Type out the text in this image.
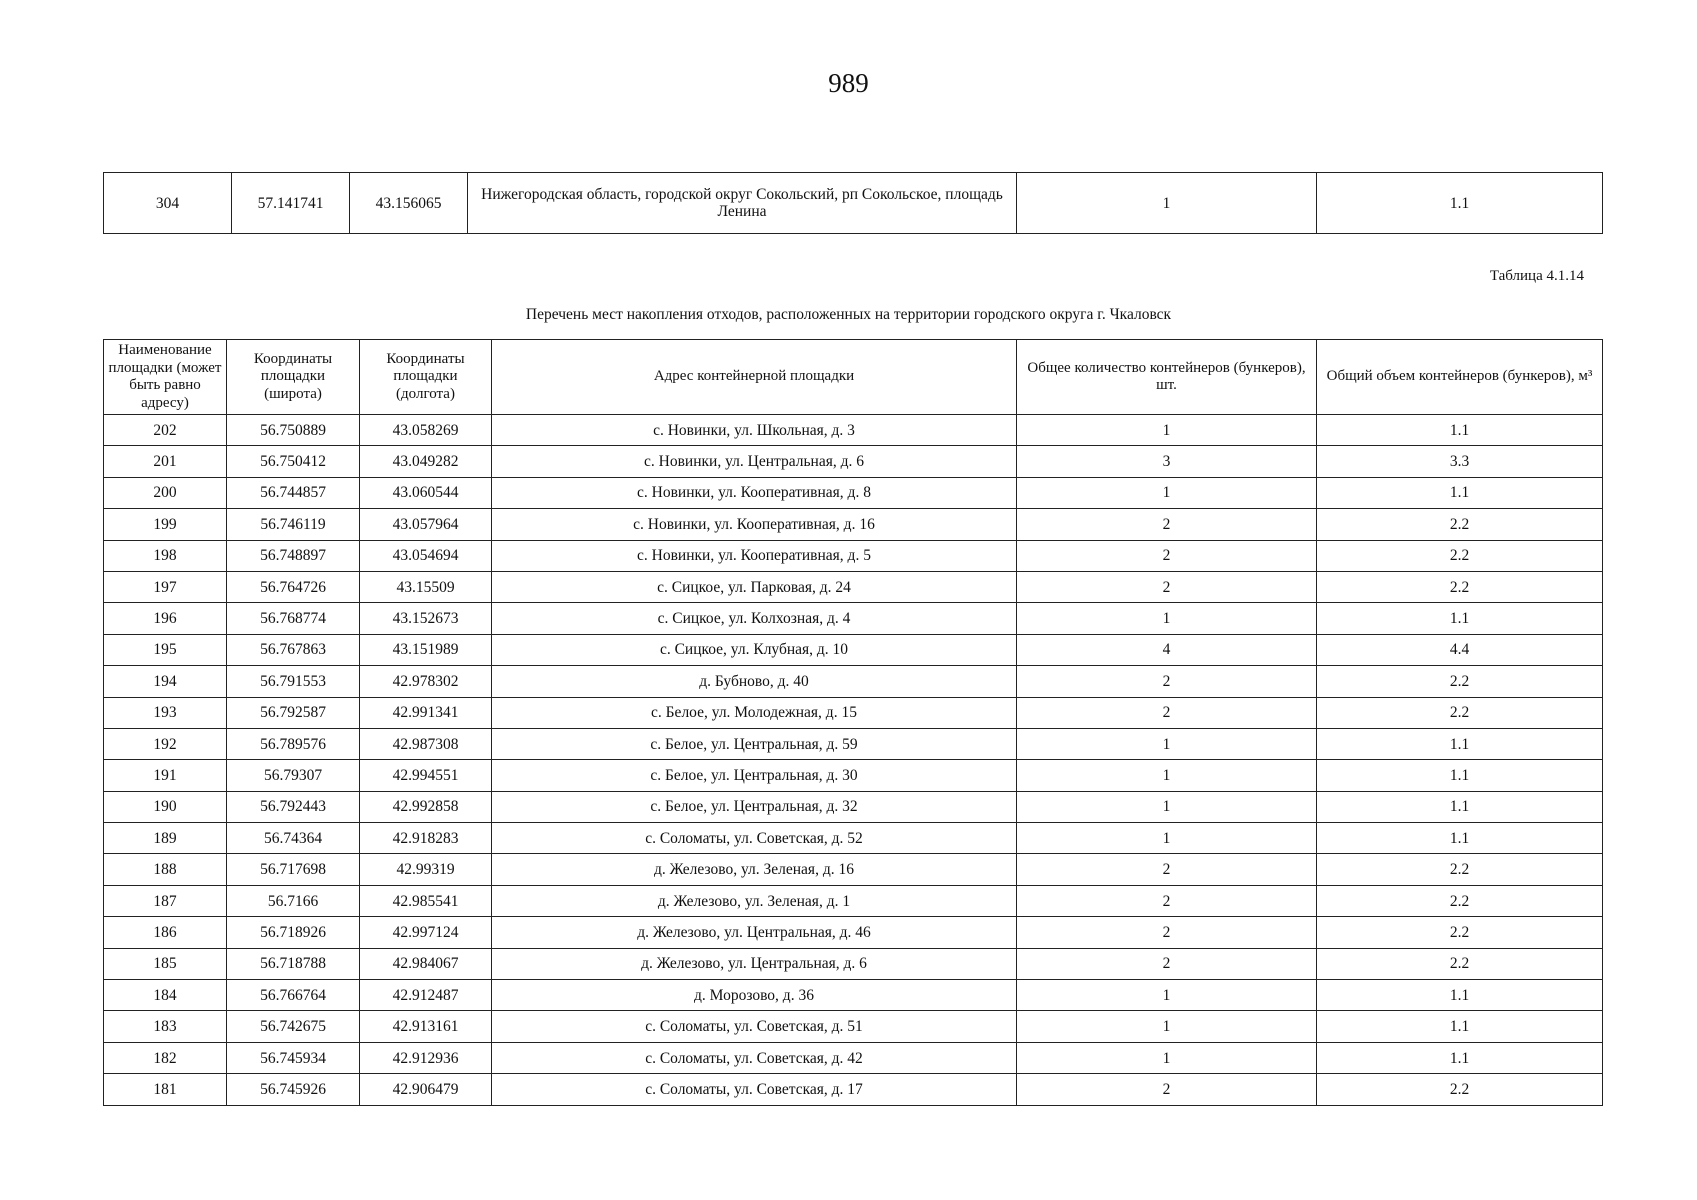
989
304	57.141741	43.156065	Нижегородская область, городской округ Сокольский, рп Сокольское, площадь Ленина	1	1.1
Таблица 4.1.14
Перечень мест накопления отходов, расположенных на территории городского округа г. Чкаловск
Наименование площадки (может быть равно адресу)	Координаты площадки (широта)	Координаты площадки (долгота)	Адрес контейнерной площадки	Общее количество контейнеров (бункеров), шт.	Общий объем контейнеров (бункеров), м³
202	56.750889	43.058269	с. Новинки, ул. Школьная, д. 3	1	1.1
201	56.750412	43.049282	с. Новинки, ул. Центральная, д. 6	3	3.3
200	56.744857	43.060544	с. Новинки, ул. Кооперативная, д. 8	1	1.1
199	56.746119	43.057964	с. Новинки, ул. Кооперативная, д. 16	2	2.2
198	56.748897	43.054694	с. Новинки, ул. Кооперативная, д. 5	2	2.2
197	56.764726	43.15509	с. Сицкое, ул. Парковая, д. 24	2	2.2
196	56.768774	43.152673	с. Сицкое, ул. Колхозная, д. 4	1	1.1
195	56.767863	43.151989	с. Сицкое, ул. Клубная, д. 10	4	4.4
194	56.791553	42.978302	д. Бубново, д. 40	2	2.2
193	56.792587	42.991341	с. Белое, ул. Молодежная, д. 15	2	2.2
192	56.789576	42.987308	с. Белое, ул. Центральная, д. 59	1	1.1
191	56.79307	42.994551	с. Белое, ул. Центральная, д. 30	1	1.1
190	56.792443	42.992858	с. Белое, ул. Центральная, д. 32	1	1.1
189	56.74364	42.918283	с. Соломаты, ул. Советская, д. 52	1	1.1
188	56.717698	42.99319	д. Железово, ул. Зеленая, д. 16	2	2.2
187	56.7166	42.985541	д. Железово, ул. Зеленая, д. 1	2	2.2
186	56.718926	42.997124	д. Железово, ул. Центральная, д. 46	2	2.2
185	56.718788	42.984067	д. Железово, ул. Центральная, д. 6	2	2.2
184	56.766764	42.912487	д. Морозово, д. 36	1	1.1
183	56.742675	42.913161	с. Соломаты, ул. Советская, д. 51	1	1.1
182	56.745934	42.912936	с. Соломаты, ул. Советская, д. 42	1	1.1
181	56.745926	42.906479	с. Соломаты, ул. Советская, д. 17	2	2.2
